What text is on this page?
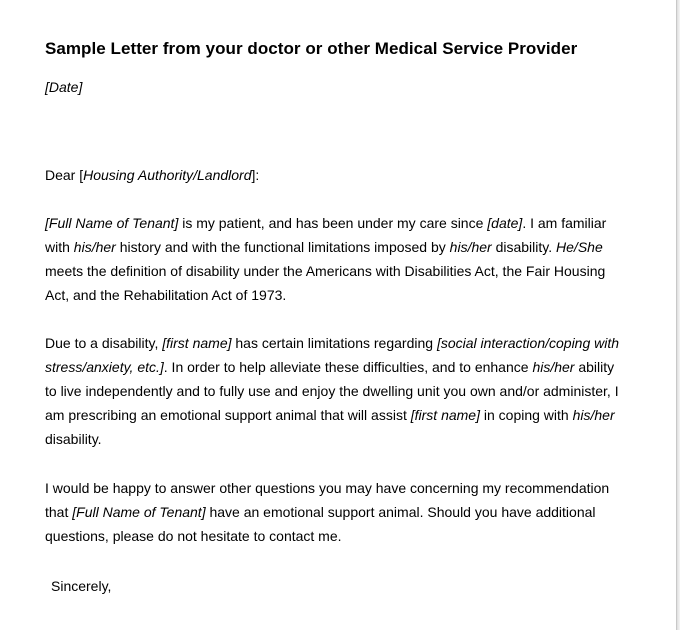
Sample Letter from your doctor or other Medical Service Provider
[Date]
Dear [Housing Authority/Landlord]:
[Full Name of Tenant] is my patient, and has been under my care since [date]. I am familiar
with his/her history and with the functional limitations imposed by his/her disability. He/She
meets the definition of disability under the Americans with Disabilities Act, the Fair Housing
Act, and the Rehabilitation Act of 1973.
Due to a disability, [first name] has certain limitations regarding [social interaction/coping with
stress/anxiety, etc.]. In order to help alleviate these difficulties, and to enhance his/her ability
to live independently and to fully use and enjoy the dwelling unit you own and/or administer, I
am prescribing an emotional support animal that will assist [first name] in coping with his/her
disability.
I would be happy to answer other questions you may have concerning my recommendation
that [Full Name of Tenant] have an emotional support animal. Should you have additional
questions, please do not hesitate to contact me.
Sincerely,
